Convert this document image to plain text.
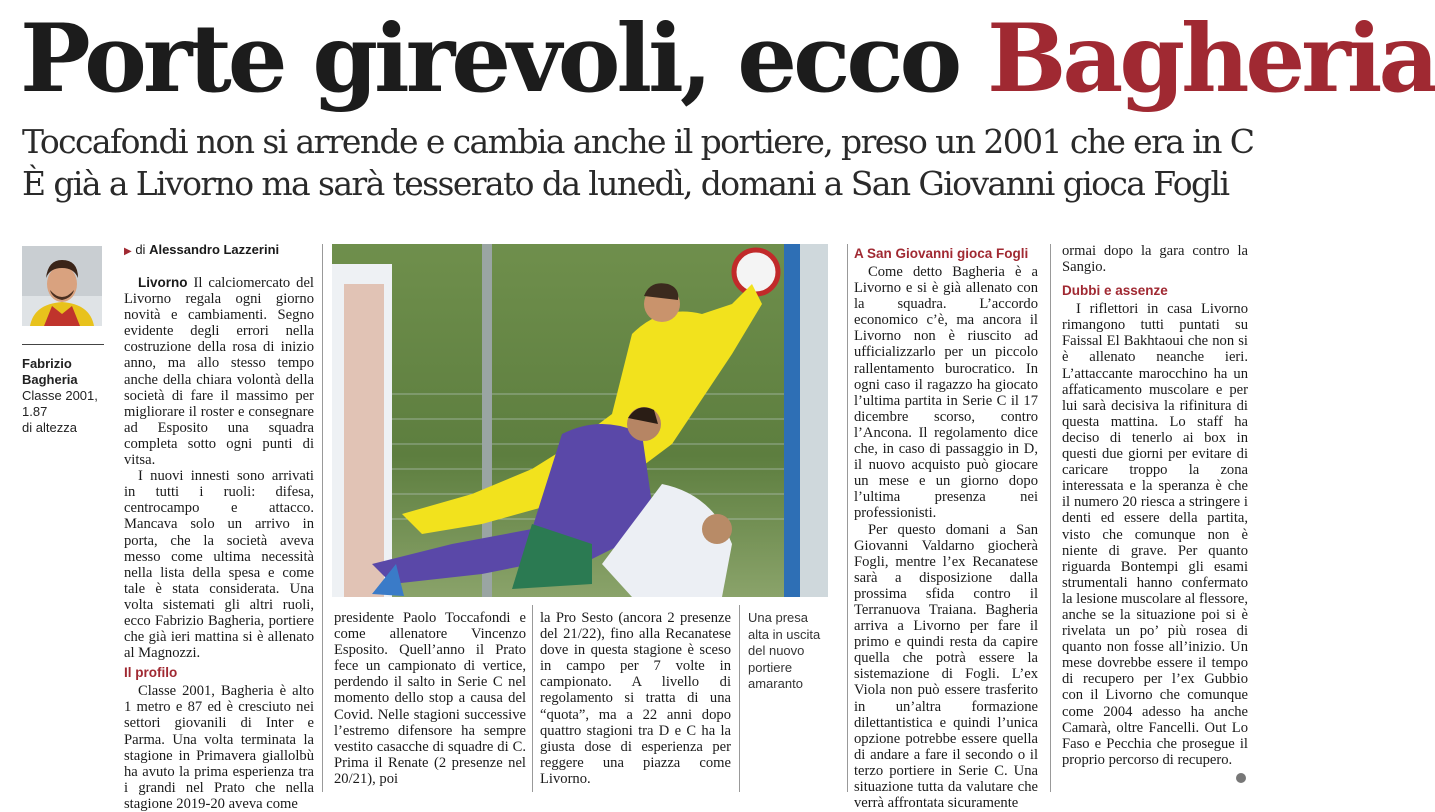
Porte girevoli, ecco Bagheria
Toccafondi non si arrende e cambia anche il portiere, preso un 2001 che era in C
È già a Livorno ma sarà tesserato da lunedì, domani a San Giovanni gioca Fogli
Fabrizio
Bagheria
Classe 2001,
1.87
di altezza
▶ di Alessandro Lazzerini

Livorno Il calciomercato del Livorno regala ogni giorno novità e cambiamenti. Segno evidente degli errori nella costruzione della rosa di inizio anno, ma allo stesso tempo anche della chiara volontà della società di fare il massimo per migliorare il roster e consegnare ad Esposito una squadra completa sotto ogni punti di vitsa.

I nuovi innesti sono arrivati in tutti i ruoli: difesa, centrocampo e attacco. Mancava solo un arrivo in porta, che la società aveva messo come ultima necessità nella lista della spesa e come tale è stata considerata. Una volta sistemati gli altri ruoli, ecco Fabrizio Bagheria, portiere che già ieri mattina si è allenato al Magnozzi.

Il profilo

Classe 2001, Bagheria è alto 1 metro e 87 ed è cresciuto nei settori giovanili di Inter e Parma. Una volta terminata la stagione in Primavera giallolbù ha avuto la prima esperienza tra i grandi nel Prato che nella stagione 2019-20 aveva come

presidente Paolo Toccafondi e come allenatore Vincenzo Esposito. Quell’anno il Prato fece un campionato di vertice, perdendo il salto in Serie C nel momento dello stop a causa del Covid. Nelle stagioni successive l’estremo difensore ha sempre vestito casacche di squadre di C. Prima il Renate (2 presenze nel 20/21), poi

la Pro Sesto (ancora 2 presenze del 21/22), fino alla Recanatese dove in questa stagione è sceso in campo per 7 volte in campionato. A livello di regolamento si tratta di una “quota”, ma a 22 anni dopo quattro stagioni tra D e C ha la giusta dose di esperienza per reggere una piazza come Livorno.

Una presa alta in uscita del nuovo portiere amaranto
A San Giovanni gioca Fogli

Come detto Bagheria è a Livorno e si è già allenato con la squadra. L’accordo economico c’è, ma ancora il Livorno non è riuscito ad ufficializzarlo per un piccolo rallentamento burocratico. In ogni caso il ragazzo ha giocato l’ultima partita in Serie C il 17 dicembre scorso, contro l’Ancona. Il regolamento dice che, in caso di passaggio in D, il nuovo acquisto può giocare un mese e un giorno dopo l’ultima presenza nei professionisti.

Per questo domani a San Giovanni Valdarno giocherà Fogli, mentre l’ex Recanatese sarà a disposizione dalla prossima sfida contro il Terranuova Traiana. Bagheria arriva a Livorno per fare il primo e quindi resta da capire quella che potrà essere la sistemazione di Fogli. L’ex Viola non può essere trasferito in un’altra formazione dilettantistica e quindi l’unica opzione potrebbe essere quella di andare a fare il secondo o il terzo portiere in Serie C. Una situazione tutta da valutare che verrà affrontata sicuramente

ormai dopo la gara contro la Sangio.

Dubbi e assenze

I riflettori in casa Livorno rimangono tutti puntati su Faissal El Bakhtaoui che non si è allenato neanche ieri. L’attaccante marocchino ha un affaticamento muscolare e per lui sarà decisiva la rifinitura di questa mattina. Lo staff ha deciso di tenerlo ai box in questi due giorni per evitare di caricare troppo la zona interessata e la speranza è che il numero 20 riesca a stringere i denti ed essere della partita, visto che comunque non è niente di grave. Per quanto riguarda Bontempi gli esami strumentali hanno confermato la lesione muscolare al flessore, anche se la situazione poi si è rivelata un po’ più rosea di quanto non fosse all’inizio. Un mese dovrebbe essere il tempo di recupero per l’ex Gubbio con il Livorno che comunque come 2004 adesso ha anche Camarà, oltre Fancelli. Out Lo Faso e Pecchia che prosegue il proprio percorso di recupero.
